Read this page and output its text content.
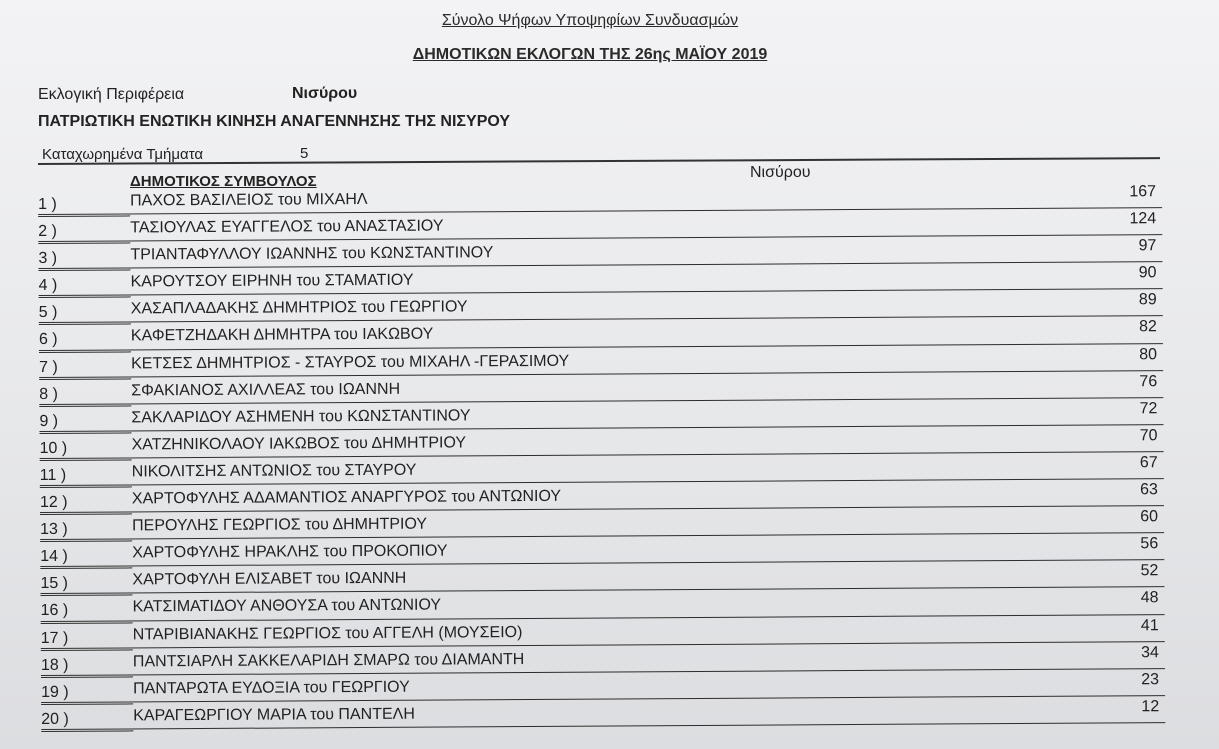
Σύνολο Ψήφων Υποψηφίων Συνδυασμών
ΔΗΜΟΤΙΚΩΝ ΕΚΛΟΓΩΝ ΤΗΣ 26ης ΜΑΪΟΥ 2019
Εκλογική Περιφέρεια	Νισύρου
ΠΑΤΡΙΩΤΙΚΗ ΕΝΩΤΙΚΗ ΚΙΝΗΣΗ ΑΝΑΓΕΝΝΗΣΗΣ ΤΗΣ ΝΙΣΥΡΟΥ
Καταχωρημένα Τμήματα	5
ΔΗΜΟΤΙΚΟΣ ΣΥΜΒΟΥΛΟΣ
Νισύρου
1 )	ΠΑΧΟΣ ΒΑΣΙΛΕΙΟΣ του ΜΙΧΑΗΛ	167
2 )	ΤΑΣΙΟΥΛΑΣ ΕΥΑΓΓΕΛΟΣ του ΑΝΑΣΤΑΣΙΟΥ	124
3 )	ΤΡΙΑΝΤΑΦΥΛΛΟΥ ΙΩΑΝΝΗΣ του ΚΩΝΣΤΑΝΤΙΝΟΥ	97
4 )	ΚΑΡΟΥΤΣΟΥ ΕΙΡΗΝΗ του ΣΤΑΜΑΤΙΟΥ	90
5 )	ΧΑΣΑΠΛΑΔΑΚΗΣ ΔΗΜΗΤΡΙΟΣ του ΓΕΩΡΓΙΟΥ	89
6 )	ΚΑΦΕΤΖΗΔΑΚΗ ΔΗΜΗΤΡΑ του ΙΑΚΩΒΟΥ	82
7 )	ΚΕΤΣΕΣ ΔΗΜΗΤΡΙΟΣ - ΣΤΑΥΡΟΣ του ΜΙΧΑΗΛ -ΓΕΡΑΣΙΜΟΥ	80
8 )	ΣΦΑΚΙΑΝΟΣ ΑΧΙΛΛΕΑΣ του ΙΩΑΝΝΗ	76
9 )	ΣΑΚΛΑΡΙΔΟΥ ΑΣΗΜΕΝΗ του ΚΩΝΣΤΑΝΤΙΝΟΥ	72
10 )	ΧΑΤΖΗΝΙΚΟΛΑΟΥ ΙΑΚΩΒΟΣ του ΔΗΜΗΤΡΙΟΥ	70
11 )	ΝΙΚΟΛΙΤΣΗΣ ΑΝΤΩΝΙΟΣ του ΣΤΑΥΡΟΥ	67
12 )	ΧΑΡΤΟΦΥΛΗΣ ΑΔΑΜΑΝΤΙΟΣ ΑΝΑΡΓΥΡΟΣ του ΑΝΤΩΝΙΟΥ	63
13 )	ΠΕΡΟΥΛΗΣ ΓΕΩΡΓΙΟΣ του ΔΗΜΗΤΡΙΟΥ	60
14 )	ΧΑΡΤΟΦΥΛΗΣ ΗΡΑΚΛΗΣ του ΠΡΟΚΟΠΙΟΥ	56
15 )	ΧΑΡΤΟΦΥΛΗ ΕΛΙΣΑΒΕΤ του ΙΩΑΝΝΗ	52
16 )	ΚΑΤΣΙΜΑΤΙΔΟΥ ΑΝΘΟΥΣΑ του ΑΝΤΩΝΙΟΥ	48
17 )	ΝΤΑΡΙΒΙΑΝΑΚΗΣ ΓΕΩΡΓΙΟΣ του ΑΓΓΕΛΗ (ΜΟΥΣΕΙΟ)	41
18 )	ΠΑΝΤΣΙΑΡΛΗ ΣΑΚΚΕΛΑΡΙΔΗ ΣΜΑΡΩ του ΔΙΑΜΑΝΤΗ	34
19 )	ΠΑΝΤΑΡΩΤΑ ΕΥΔΟΞΙΑ του ΓΕΩΡΓΙΟΥ	23
20 )	ΚΑΡΑΓΕΩΡΓΙΟΥ ΜΑΡΙΑ του ΠΑΝΤΕΛΗ	12
